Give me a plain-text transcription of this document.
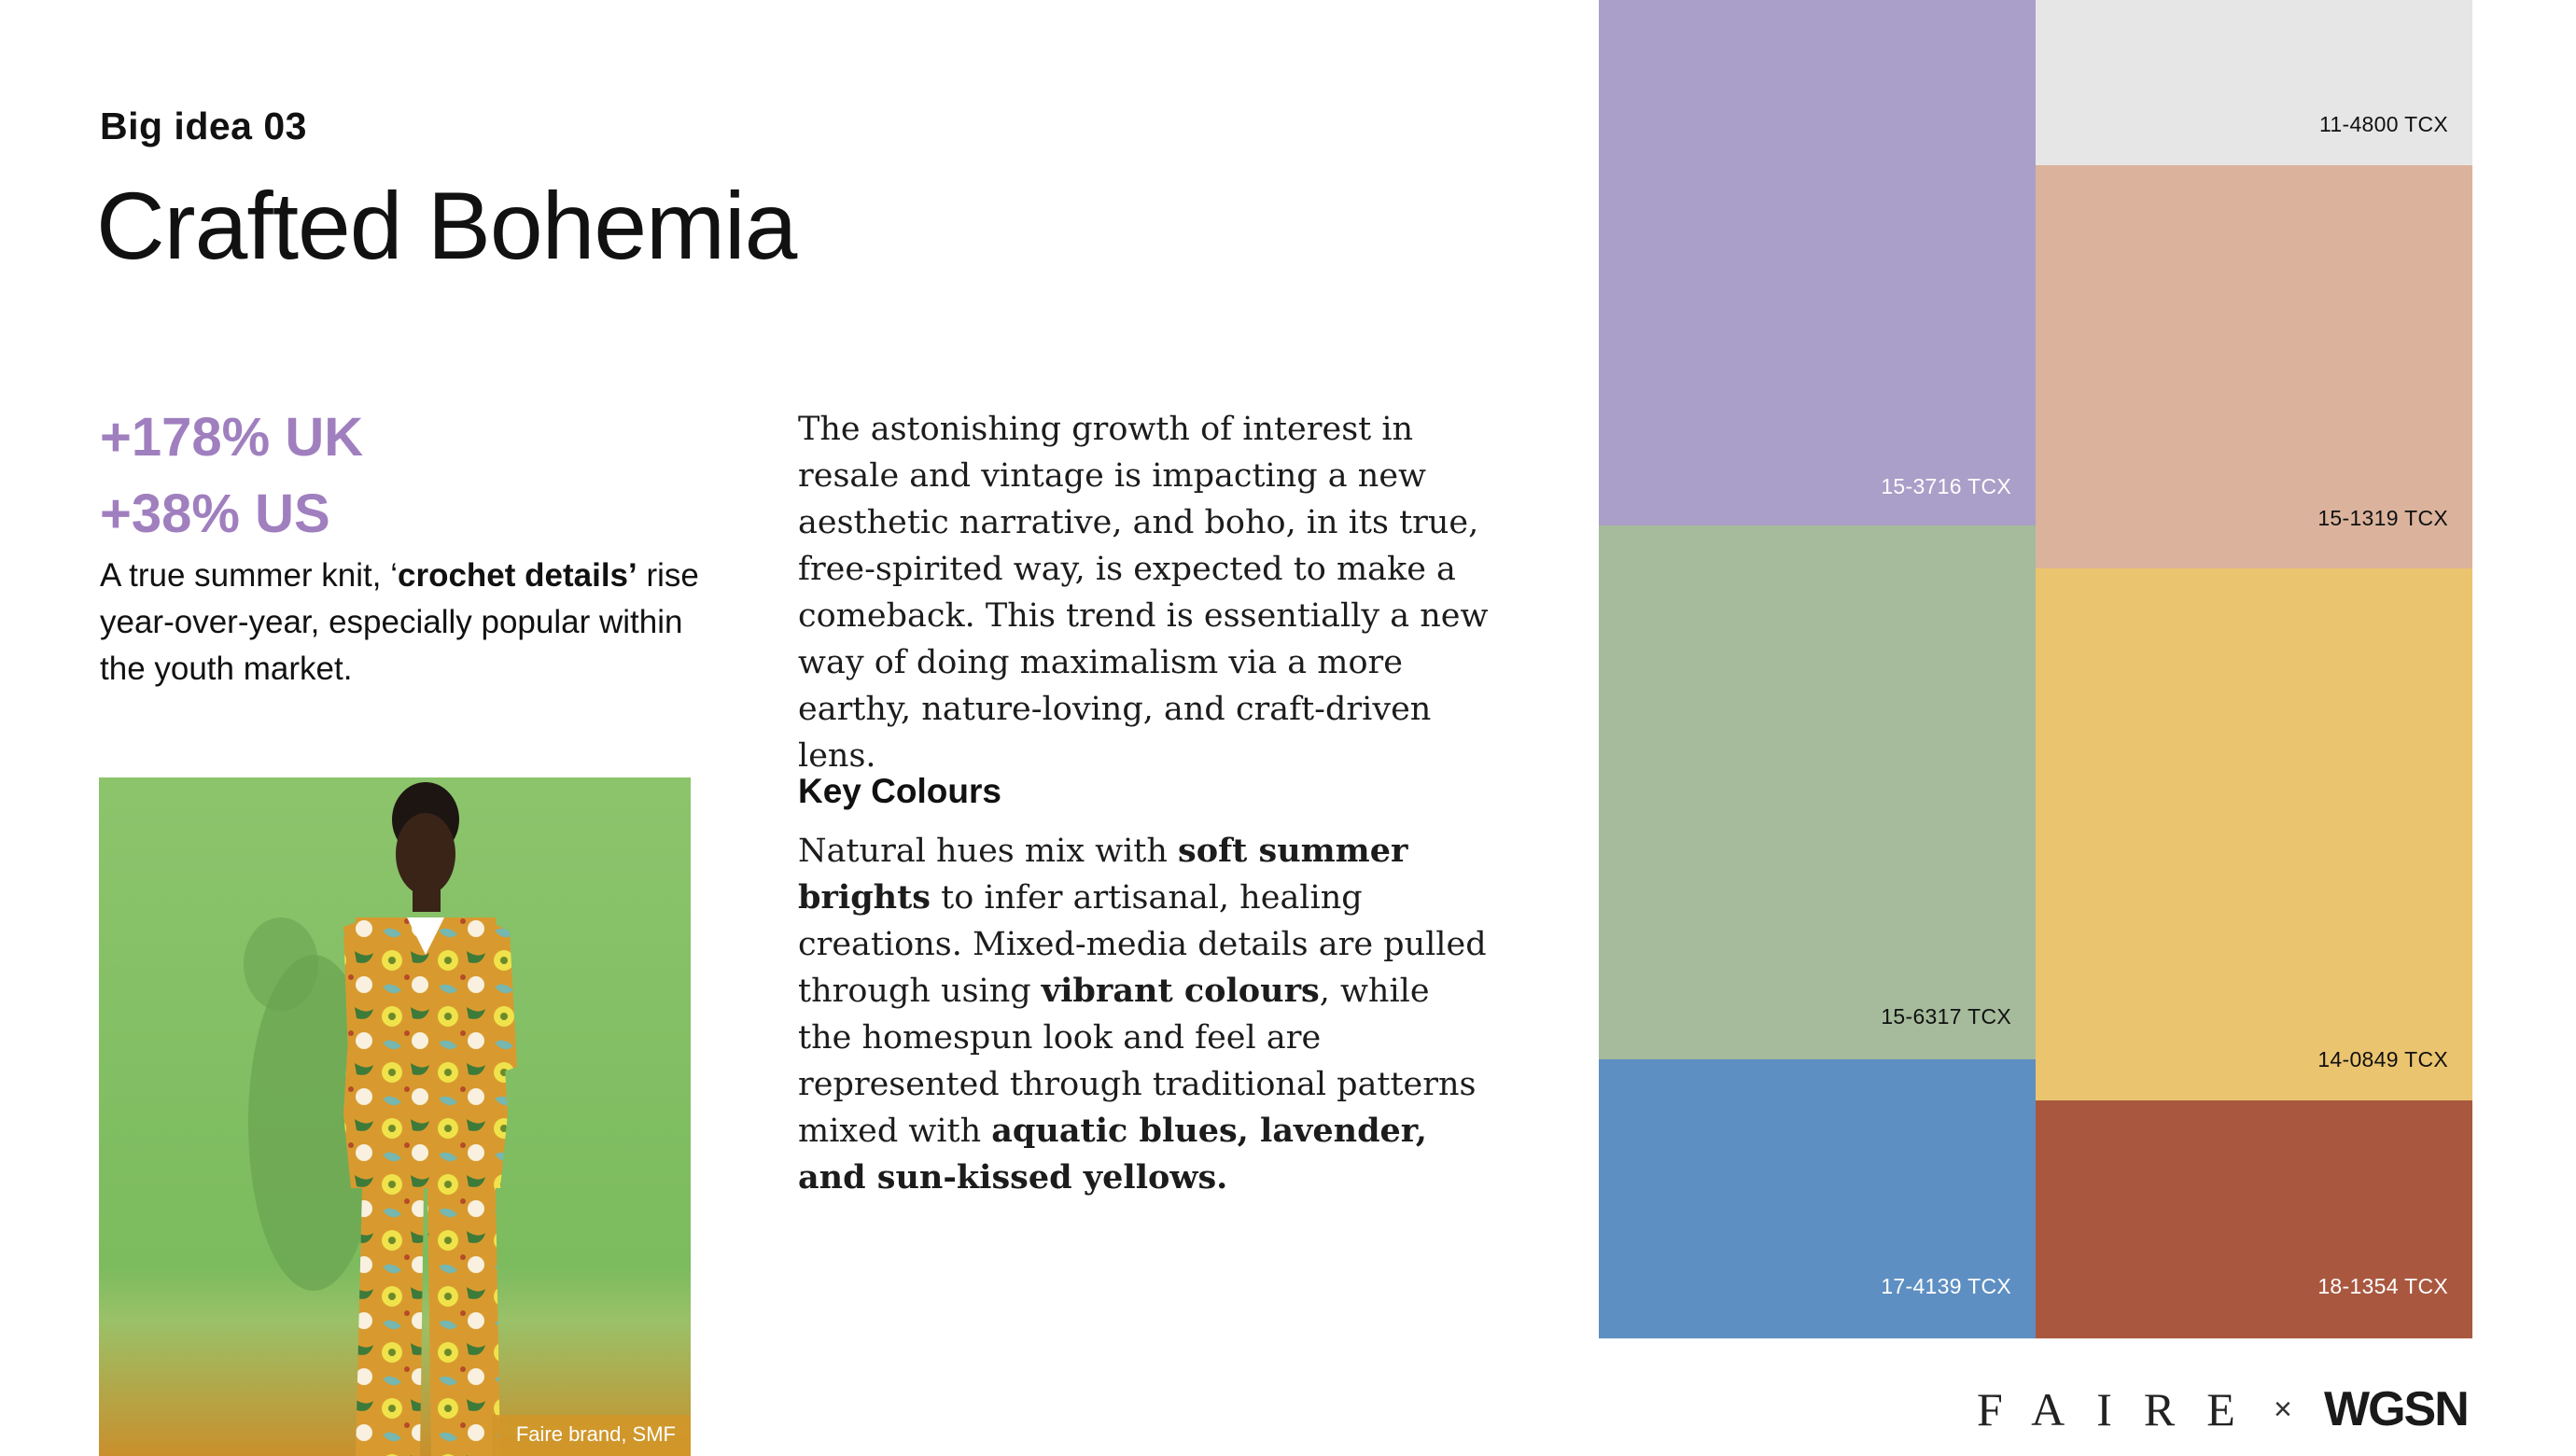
Big idea 03
Crafted Bohemia
+178% UK
+38% US
A true summer knit, ‘crochet details’ rise year-over-year, especially popular within the youth market.
Faire brand, SMF
The astonishing growth of interest in resale and vintage is impacting a new aesthetic narrative, and boho, in its true, free-spirited way, is expected to make a comeback. This trend is essentially a new way of doing maximalism via a more earthy, nature-loving, and craft-driven lens.
Key Colours
Natural hues mix with soft summer brights to infer artisanal, healing creations. Mixed-media details are pulled through using vibrant colours, while the homespun look and feel are represented through traditional patterns mixed with aquatic blues, lavender, and sun-kissed yellows.
15-3716 TCX
15-6317 TCX
17-4139 TCX
11-4800 TCX
15-1319 TCX
14-0849 TCX
18-1354 TCX
FAIRE × WGSN
